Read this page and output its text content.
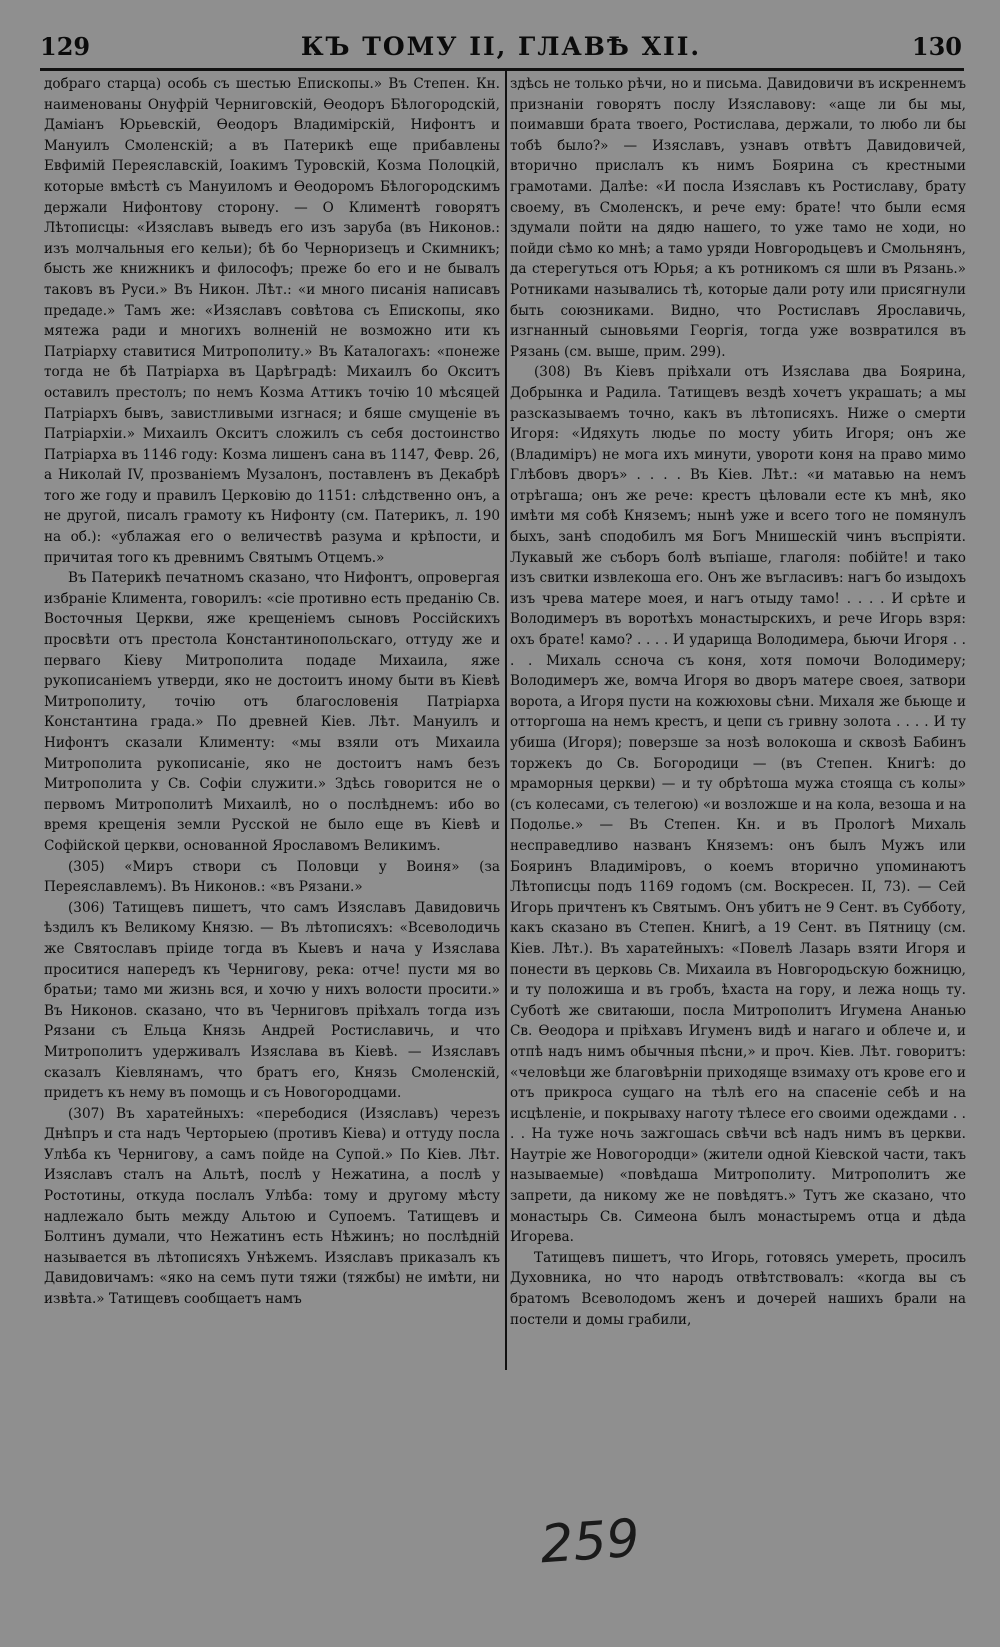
129	КЪ ТОМУ II, ГЛАВѢ XII.	130

добраго старца) особь съ шестью Епископы.» Въ Степен. Кн. наименованы Онуфрій Черниговскій, Ѳеодоръ Бѣлогородскій, Даміанъ Юрьевскій, Ѳеодоръ Владимірскій, Нифонтъ и Мануилъ Смоленскій; а въ Патерикѣ еще прибавлены Евфимій Переяславскій, Іоакимъ Туровскій, Козма Полоцкій, которые вмѣстѣ съ Мануиломъ и Ѳеодоромъ Бѣлогородскимъ держали Нифонтову сторону. — О Климентѣ говорятъ Лѣтописцы: «Изяславъ выведъ его изъ заруба (въ Никонов.: изъ молчальныя его кельи); бѣ бо Черноризецъ и Скимникъ; бысть же книжникъ и философъ; преже бо его и не бывалъ таковъ въ Руси.» Въ Никон. Лѣт.: «и много писанія написавъ предаде.» Тамъ же: «Изяславъ совѣтова съ Епископы, яко мятежа ради и многихъ волненій не возможно ити къ Патріарху ставитися Митрополиту.» Въ Каталогахъ: «понеже тогда не бѣ Патріарха въ Царѣградѣ: Михаилъ бо Окситъ оставилъ престолъ; по немъ Козма Аттикъ точію 10 мѣсяцей Патріархъ бывъ, завистливыми изгнася; и бяше смущеніе въ Патріархіи.» Михаилъ Окситъ сложилъ съ себя достоинство Патріарха въ 1146 году: Козма лишенъ сана въ 1147, Февр. 26, а Николай IV, прозваніемъ Музалонъ, поставленъ въ Декабрѣ того же году и правилъ Церковію до 1151: слѣдственно онъ, а не другой, писалъ грамоту къ Нифонту (см. Патерикъ, л. 190 на об.): «ублажая его о величествѣ разума и крѣпости, и причитая того къ древнимъ Святымъ Отцемъ.»

Въ Патерикѣ печатномъ сказано, что Нифонтъ, опровергая избраніе Климента, говорилъ: «сіе противно есть преданію Св. Восточныя Церкви, яже крещеніемъ сыновъ Россійскихъ просвѣти отъ престола Константинопольскаго, оттуду же и перваго Кіеву Митрополита подаде Михаила, яже рукописаніемъ утверди, яко не достоитъ иному быти въ Кіевѣ Митрополиту, точію отъ благословенія Патріарха Константина града.» По древней Кіев. Лѣт. Мануилъ и Нифонтъ сказали Клименту: «мы взяли отъ Михаила Митрополита рукописаніе, яко не достоитъ намъ безъ Митрополита у Св. Софіи служити.» Здѣсь говорится не о первомъ Митрополитѣ Михаилѣ, но о послѣднемъ: ибо во время крещенія земли Русской не было еще въ Кіевѣ и Софійской церкви, основанной Ярославомъ Великимъ.

(305) «Миръ створи съ Половци у Воиня» (за Переяславлемъ). Въ Никонов.: «въ Рязани.»

(306) Татищевъ пишетъ, что самъ Изяславъ Давидовичь ѣздилъ къ Великому Князю. — Въ лѣтописяхъ: «Всеволодичь же Святославъ пріиде тогда въ Кыевъ и нача у Изяслава проситися напередъ къ Чернигову, река: отче! пусти мя во братьи; тамо ми жизнь вся, и хочю у нихъ волости просити.» Въ Никонов. сказано, что въ Черниговъ пріѣхалъ тогда изъ Рязани съ Ельца Князь Андрей Ростиславичь, и что Митрополитъ удерживалъ Изяслава въ Кіевѣ. — Изяславъ сказалъ Кіевлянамъ, что братъ его, Князь Смоленскій, придетъ къ нему въ помощь и съ Новогородцами.

(307) Въ харатейныхъ: «перебодися (Изяславъ) черезъ Днѣпръ и ста надъ Черторыею (противъ Кіева) и оттуду посла Улѣба къ Чернигову, а самъ пойде на Супой.» По Кіев. Лѣт. Изяславъ сталъ на Альтѣ, послѣ у Нежатина, а послѣ у Ростотины, откуда послалъ Улѣба: тому и другому мѣсту надлежало быть между Альтою и Супоемъ. Татищевъ и Болтинъ думали, что Нежатинъ есть Нѣжинъ; но послѣдній называется въ лѣтописяхъ Унѣжемъ. Изяславъ приказалъ къ Давидовичамъ: «яко на семъ пути тяжи (тяжбы) не имѣти, ни извѣта.» Татищевъ сообщаетъ намъ

здѣсь не только рѣчи, но и письма. Давидовичи въ искреннемъ признаніи говорятъ послу Изяславову: «аще ли бы мы, поимавши брата твоего, Ростислава, держали, то любо ли бы тобѣ было?» — Изяславъ, узнавъ отвѣтъ Давидовичей, вторично прислалъ къ нимъ Боярина съ крестными грамотами. Далѣе: «И посла Изяславъ къ Ростиславу, брату своему, въ Смоленскъ, и рече ему: брате! что были есмя здумали пойти на дядю нашего, то уже тамо не ходи, но пойди сѣмо ко мнѣ; а тамо уряди Новгородьцевъ и Смольнянъ, да стерегуться отъ Юрья; а къ ротникомъ ся шли въ Рязань.» Ротниками назывались тѣ, которые дали роту или присягнули быть союзниками. Видно, что Ростиславъ Ярославичь, изгнанный сыновьями Георгія, тогда уже возвратился въ Рязань (см. выше, прим. 299).

(308) Въ Кіевъ пріѣхали отъ Изяслава два Боярина, Добрынка и Радила. Татищевъ вездѣ хочетъ украшать; а мы разсказываемъ точно, какъ въ лѣтописяхъ. Ниже о смерти Игоря: «Идяхуть людье по мосту убить Игоря; онъ же (Владиміръ) не мога ихъ минути, увороти коня на право мимо Глѣбовъ дворъ» . . . . Въ Кіев. Лѣт.: «и матавью на немъ отрѣгаша; онъ же рече: крестъ цѣловали есте къ мнѣ, яко имѣти мя собѣ Княземъ; нынѣ уже и всего того не помянулъ быхъ, занѣ сподобилъ мя Богъ Мнишескій чинъ въспріяти. Лукавый же съборъ болѣ въпіаше, глаголя: побійте! и тако изъ свитки извлекоша его. Онъ же въгласивъ: нагъ бо изыдохъ изъ чрева матере моея, и нагъ отыду тамо! . . . . И срѣте и Володимеръ въ воротѣхъ монастырскихъ, и рече Игорь взря: охъ брате! камо? . . . . И ударища Володимера, бьючи Игоря . . . . Михаль ссноча съ коня, хотя помочи Володимеру; Володимеръ же, вомча Игоря во дворъ матере своея, затвори ворота, а Игоря пусти на кожюховы сѣни. Михаля же бьюще и отторгоша на немъ крестъ, и цепи съ гривну золота . . . . И ту убиша (Игоря); поверзше за нозѣ волокоша и сквозѣ Бабинъ торжекъ до Св. Богородици — (въ Степен. Книгѣ: до мраморныя церкви) — и ту обрѣтоша мужа стояща съ колы» (съ колесами, съ телегою) «и возложше и на кола, везоша и на Подолье.» — Въ Степен. Кн. и въ Прологѣ Михаль несправедливо названъ Княземъ: онъ былъ Мужъ или Бояринъ Владиміровъ, о коемъ вторично упоминаютъ Лѣтописцы подъ 1169 годомъ (см. Воскресен. II, 73). — Сей Игорь причтенъ къ Святымъ. Онъ убитъ не 9 Сент. въ Субботу, какъ сказано въ Степен. Книгѣ, а 19 Сент. въ Пятницу (см. Кіев. Лѣт.). Въ харатейныхъ: «Повелѣ Лазарь взяти Игоря и понести въ церковь Св. Михаила въ Новгородьскую божницю, и ту положиша и въ гробъ, ѣхаста на гору, и лежа нощь ту. Суботѣ же свитаюши, посла Митрополитъ Игумена Ананью Св. Ѳеодора и пріѣхавъ Игуменъ видѣ и нагаго и облече и, и отпѣ надъ нимъ обычныя пѣсни,» и проч. Кіев. Лѣт. говоритъ: «человѣци же благовѣрніи приходяще взимаху отъ крове его и отъ прикроса сущаго на тѣлѣ его на спасеніе себѣ и на исцѣленіе, и покрываху наготу тѣлесе его своими одеждами . . . . На туже ночь зажгошась свѣчи всѣ надъ нимъ въ церкви. Наутріе же Новогородци» (жители одной Кіевской части, такъ называемые) «повѣдаша Митрополиту. Митрополитъ же запрети, да никому же не повѣдятъ.» Тутъ же сказано, что монастырь Св. Симеона былъ монастыремъ отца и дѣда Игорева.

Татищевъ пишетъ, что Игорь, готовясь умереть, просилъ Духовника, но что народъ отвѣтствовалъ: «когда вы съ братомъ Всеволодомъ женъ и дочерей нашихъ брали на постели и домы грабили,

259
